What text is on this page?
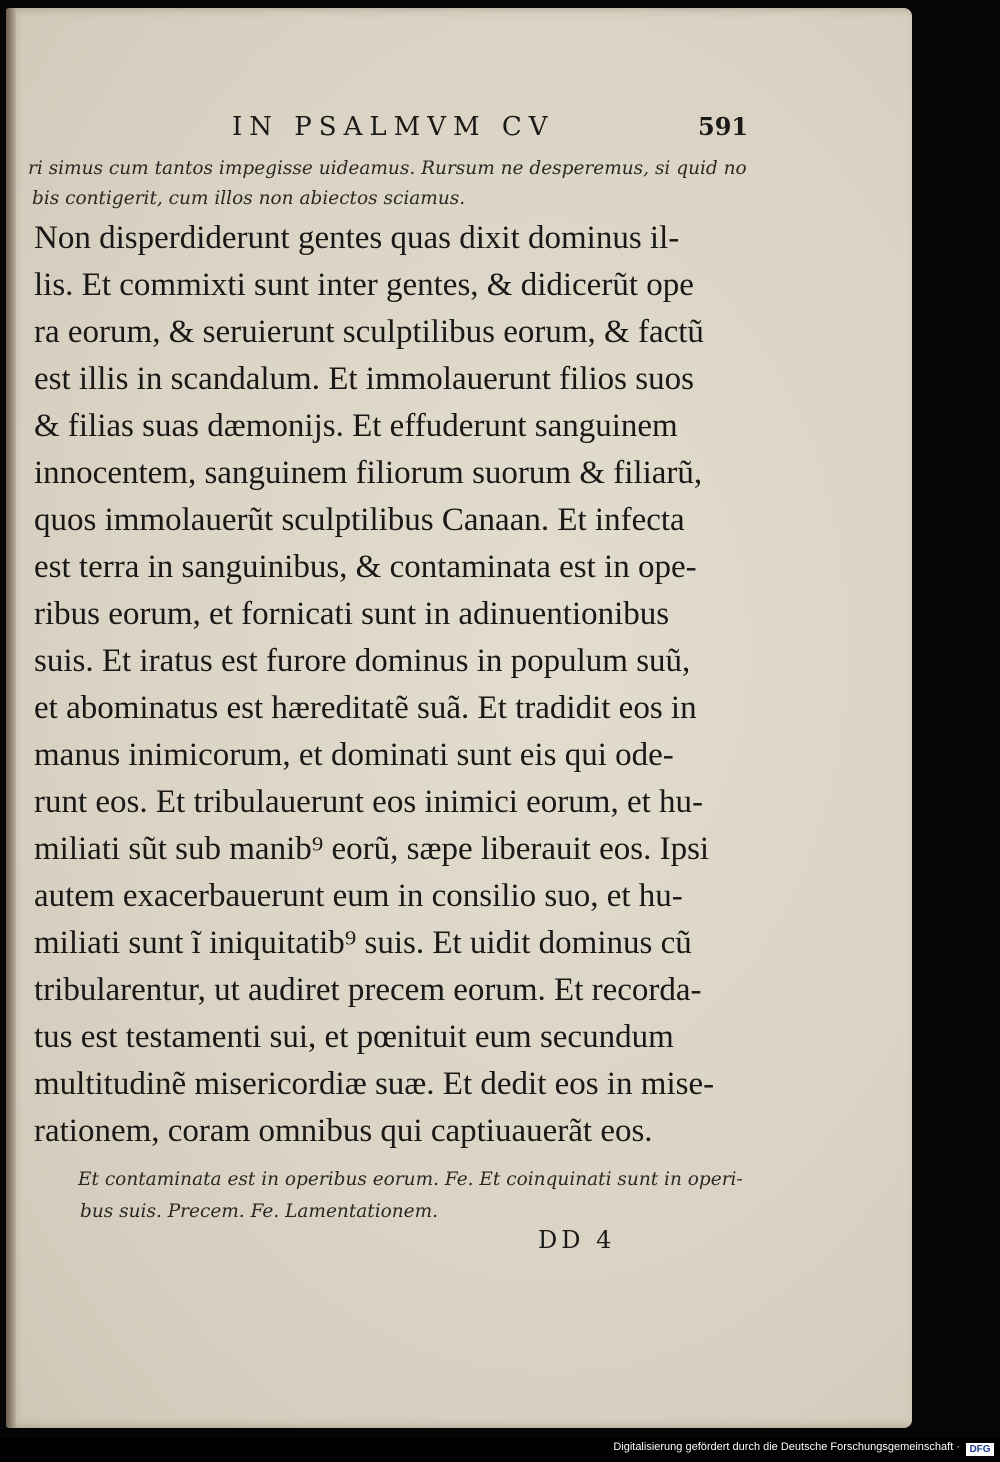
IN PSALMVM CV	591
ri simus cum tantos impegisse uideamus. Rursum ne desperemus, si quid no
bis contigerit, cum illos non abiectos sciamus.
Non disperdiderunt gentes quas dixit dominus il-
lis. Et commixti sunt inter gentes, & didicerũt ope
ra eorum, & seruierunt sculptilibus eorum, & factũ
est illis in scandalum. Et immolauerunt filios suos
& filias suas dæmonijs. Et effuderunt sanguinem
innocentem, sanguinem filiorum suorum & filiarũ,
quos immolauerũt sculptilibus Canaan. Et infecta
est terra in sanguinibus, & contaminata est in ope-
ribus eorum, et fornicati sunt in adinuentionibus
suis. Et iratus est furore dominus in populum suũ,
et abominatus est hæreditatẽ suã. Et tradidit eos in
manus inimicorum, et dominati sunt eis qui ode-
runt eos. Et tribulauerunt eos inimici eorum, et hu-
miliati sũt sub manib⁹ eorũ, sæpe liberauit eos. Ipsi
autem exacerbauerunt eum in consilio suo, et hu-
miliati sunt ĩ iniquitatib⁹ suis. Et uidit dominus cũ
tribularentur, ut audiret precem eorum. Et recorda-
tus est testamenti sui, et pœnituit eum secundum
multitudinẽ misericordiæ suæ. Et dedit eos in mise-
rationem, coram omnibus qui captiuauerãt eos.
Et contaminata est in operibus eorum. Fe. Et coinquinati sunt in operi-
bus suis. Precem. Fe. Lamentationem.
DD 4
Digitalisierung gefördert durch die Deutsche Forschungsgemeinschaft · DFG
